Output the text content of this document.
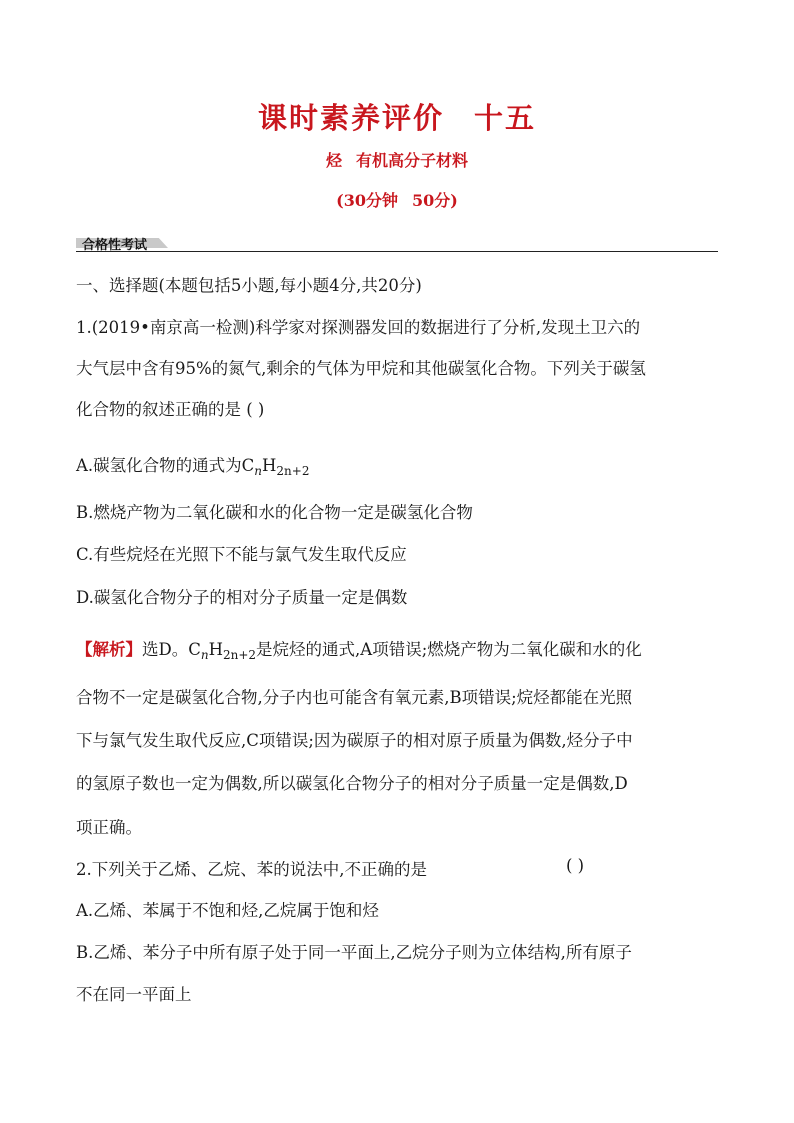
课时素养评价 十五
烃 有机高分子材料
(30分钟 50分)
合格性考试
一、选择题(本题包括5小题,每小题4分,共20分)
1.(2019•南京高一检测)科学家对探测器发回的数据进行了分析,发现土卫六的
大气层中含有95%的氮气,剩余的气体为甲烷和其他碳氢化合物。下列关于碳氢
化合物的叙述正确的是 ( )
A.碳氢化合物的通式为$C_nH_{2n+2}$
B.燃烧产物为二氧化碳和水的化合物一定是碳氢化合物
C.有些烷烃在光照下不能与氯气发生取代反应
D.碳氢化合物分子的相对分子质量一定是偶数
【解析】选D。$C_nH_{2n+2}$是烷烃的通式,A项错误;燃烧产物为二氧化碳和水的化
合物不一定是碳氢化合物,分子内也可能含有氧元素,B项错误;烷烃都能在光照
下与氯气发生取代反应,C项错误;因为碳原子的相对原子质量为偶数,烃分子中
的氢原子数也一定为偶数,所以碳氢化合物分子的相对分子质量一定是偶数,D
项正确。
2.下列关于乙烯、乙烷、苯的说法中,不正确的是	( )
A.乙烯、苯属于不饱和烃,乙烷属于饱和烃
B.乙烯、苯分子中所有原子处于同一平面上,乙烷分子则为立体结构,所有原子
不在同一平面上
